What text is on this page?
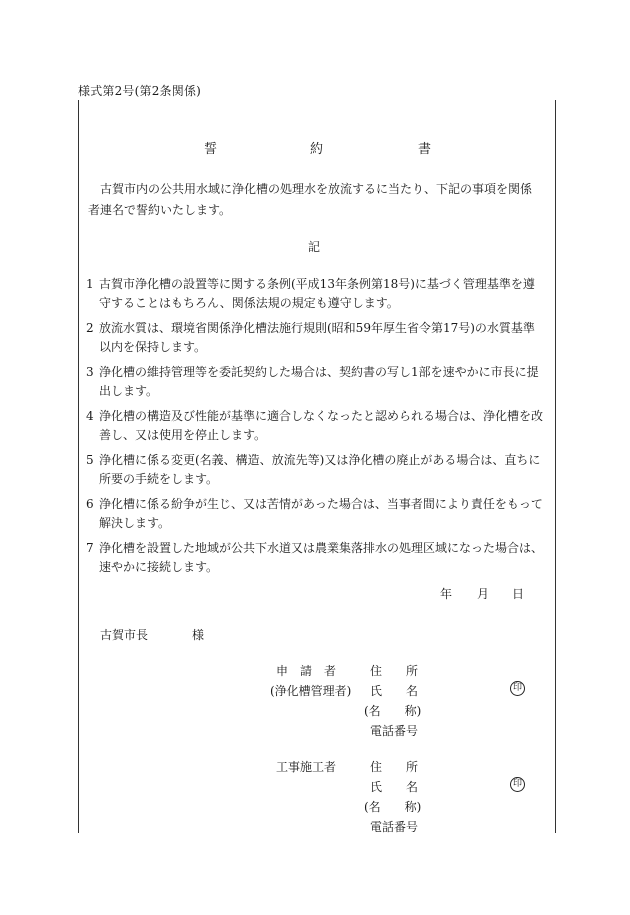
様式第2号(第2条関係)
誓	約	書
古賀市内の公共用水域に浄化槽の処理水を放流するに当たり、下記の事項を関係者連名で誓約いたします。
記
1 古賀市浄化槽の設置等に関する条例(平成13年条例第18号)に基づく管理基準を遵守することはもちろん、関係法規の規定も遵守します。
2 放流水質は、環境省関係浄化槽法施行規則(昭和59年厚生省令第17号)の水質基準以内を保持します。
3 浄化槽の維持管理等を委託契約した場合は、契約書の写し1部を速やかに市長に提出します。
4 浄化槽の構造及び性能が基準に適合しなくなったと認められる場合は、浄化槽を改善し、又は使用を停止します。
5 浄化槽に係る変更(名義、構造、放流先等)又は浄化槽の廃止がある場合は、直ちに所要の手続をします。
6 浄化槽に係る紛争が生じ、又は苦情があった場合は、当事者間により責任をもって解決します。
7 浄化槽を設置した地域が公共下水道又は農業集落排水の処理区域になった場合は、速やかに接続します。
年 月 日
古賀市長	様
申　請　者	住　　所
(浄化槽管理者) 氏　　名	印
(名　　称)
電話番号
工事施工者	住　　所
氏　　名	印
(名　　称)
電話番号
